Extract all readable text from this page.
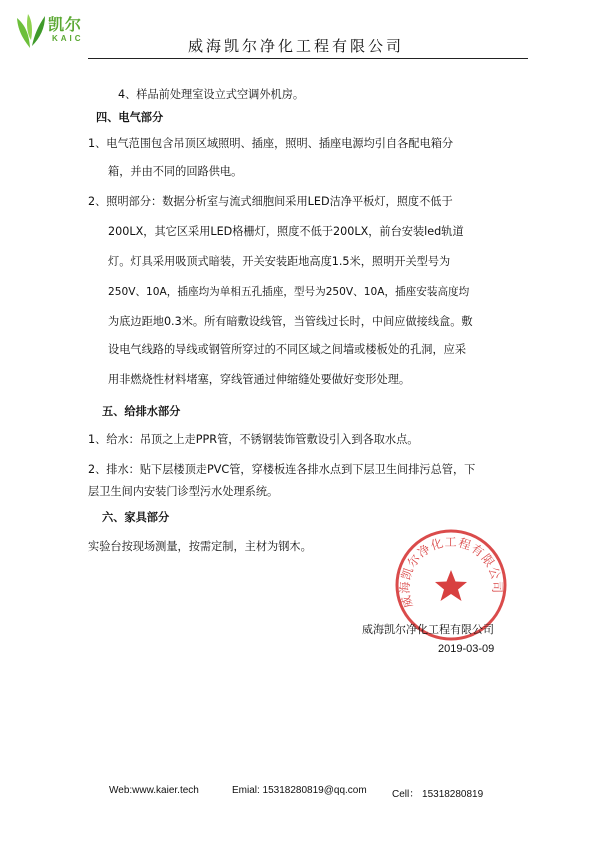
凯尔
KAIC	威海凯尔净化工程有限公司
4、样品前处理室设立式空调外机房。
四、电气部分
1、电气范围包含吊顶区域照明、插座，照明、插座电源均引自各配电箱分
箱，并由不同的回路供电。
2、照明部分：数据分析室与流式细胞间采用LED洁净平板灯，照度不低于
200LX，其它区采用LED格栅灯，照度不低于200LX，前台安装led轨道
灯。灯具采用吸顶式暗装，开关安装距地高度1.5米，照明开关型号为
250V、10A，插座均为单相五孔插座，型号为250V、10A，插座安装高度均
为底边距地0.3米。所有暗敷设线管，当管线过长时，中间应做接线盒。敷
设电气线路的导线或钢管所穿过的不同区域之间墙或楼板处的孔洞，应采
用非燃烧性材料堵塞，穿线管通过伸缩缝处要做好变形处理。
五、给排水部分
1、给水：吊顶之上走PPR管，不锈钢装饰管敷设引入到各取水点。
2、排水：贴下层楼顶走PVC管，穿楼板连各排水点到下层卫生间排污总管，下
层卫生间内安装门诊型污水处理系统。
六、家具部分
实验台按现场测量，按需定制，主材为钢木。
威海凯尔净化工程有限公司
威海凯尔净化工程有限公司
2019-03-09
Web:www.kaier.tech	Emial: 15318280819@qq.com	Cell： 15318280819
